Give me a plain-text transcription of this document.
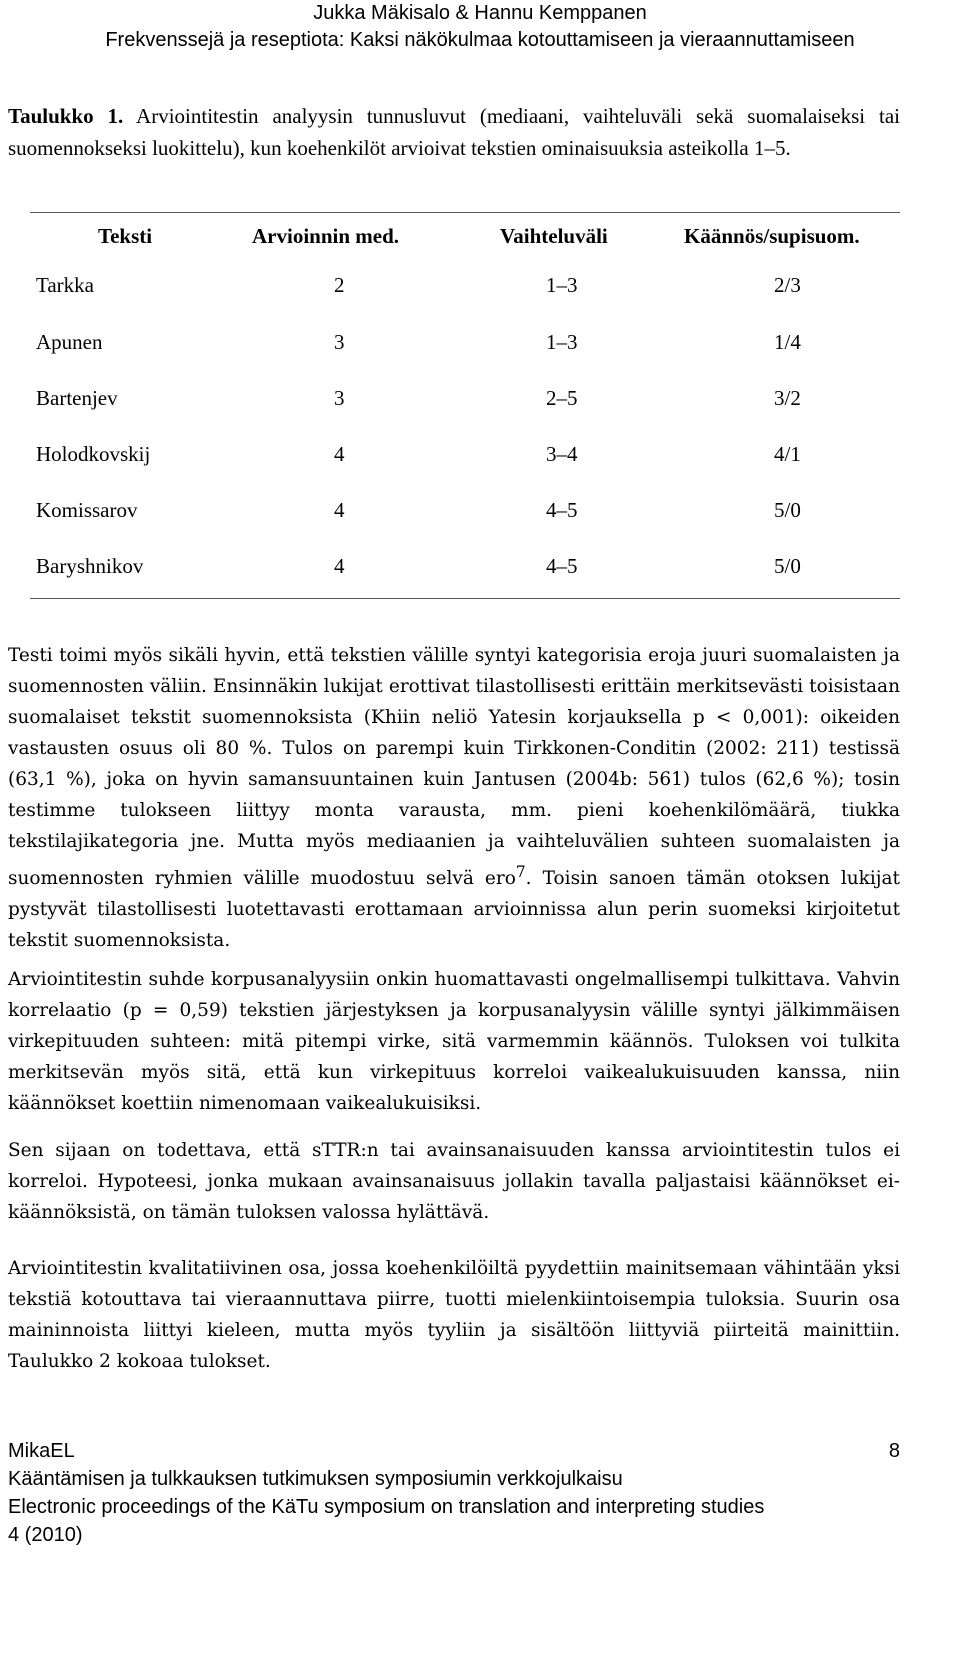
Jukka Mäkisalo & Hannu Kemppanen
Frekvenssejä ja reseptiota: Kaksi näkökulmaa kotouttamiseen ja vieraannuttamiseen
Taulukko 1. Arviointitestin analyysin tunnusluvut (mediaani, vaihteluväli sekä suomalaiseksi tai suomennokseksi luokittelu), kun koehenkilöt arvioivat tekstien ominaisuuksia asteikolla 1–5.
Teksti	Arvioinnin med.	Vaihteluväli	Käännös/supisuom.
Tarkka	2	1–3	2/3
Apunen	3	1–3	1/4
Bartenjev	3	2–5	3/2
Holodkovskij	4	3–4	4/1
Komissarov	4	4–5	5/0
Baryshnikov	4	4–5	5/0
Testi toimi myös sikäli hyvin, että tekstien välille syntyi kategorisia eroja juuri suomalaisten ja suomennosten väliin. Ensinnäkin lukijat erottivat tilastollisesti erittäin merkitsevästi toisistaan suomalaiset tekstit suomennoksista (Khiin neliö Yatesin korjauksella p < 0,001): oikeiden vastausten osuus oli 80 %. Tulos on parempi kuin Tirkkonen-Conditin (2002: 211) testissä (63,1 %), joka on hyvin samansuuntainen kuin Jantusen (2004b: 561) tulos (62,6 %); tosin testimme tulokseen liittyy monta varausta, mm. pieni koehenkilömäärä, tiukka tekstilajikategoria jne. Mutta myös mediaanien ja vaihteluvälien suhteen suomalaisten ja suomennosten ryhmien välille muodostuu selvä ero$^7$. Toisin sanoen tämän otoksen lukijat pystyvät tilastollisesti luotettavasti erottamaan arvioinnissa alun perin suomeksi kirjoitetut tekstit suomennoksista.
Arviointitestin suhde korpusanalyysiin onkin huomattavasti ongelmallisempi tulkittava. Vahvin korrelaatio (p = 0,59) tekstien järjestyksen ja korpusanalyysin välille syntyi jälkimmäisen virkepituuden suhteen: mitä pitempi virke, sitä varmemmin käännös. Tuloksen voi tulkita merkitsevän myös sitä, että kun virkepituus korreloi vaikealukuisuuden kanssa, niin käännökset koettiin nimenomaan vaikealukuisiksi.
Sen sijaan on todettava, että sTTR:n tai avainsanaisuuden kanssa arviointitestin tulos ei korreloi. Hypoteesi, jonka mukaan avainsanaisuus jollakin tavalla paljastaisi käännökset ei-käännöksistä, on tämän tuloksen valossa hylättävä.
Arviointitestin kvalitatiivinen osa, jossa koehenkilöiltä pyydettiin mainitsemaan vähintään yksi tekstiä kotouttava tai vieraannuttava piirre, tuotti mielenkiintoisempia tuloksia. Suurin osa maininnoista liittyi kieleen, mutta myös tyyliin ja sisältöön liittyviä piirteitä mainittiin. Taulukko 2 kokoaa tulokset.
MikaEL
Kääntämisen ja tulkkauksen tutkimuksen symposiumin verkkojulkaisu
Electronic proceedings of the KäTu symposium on translation and interpreting studies
4 (2010)
8
